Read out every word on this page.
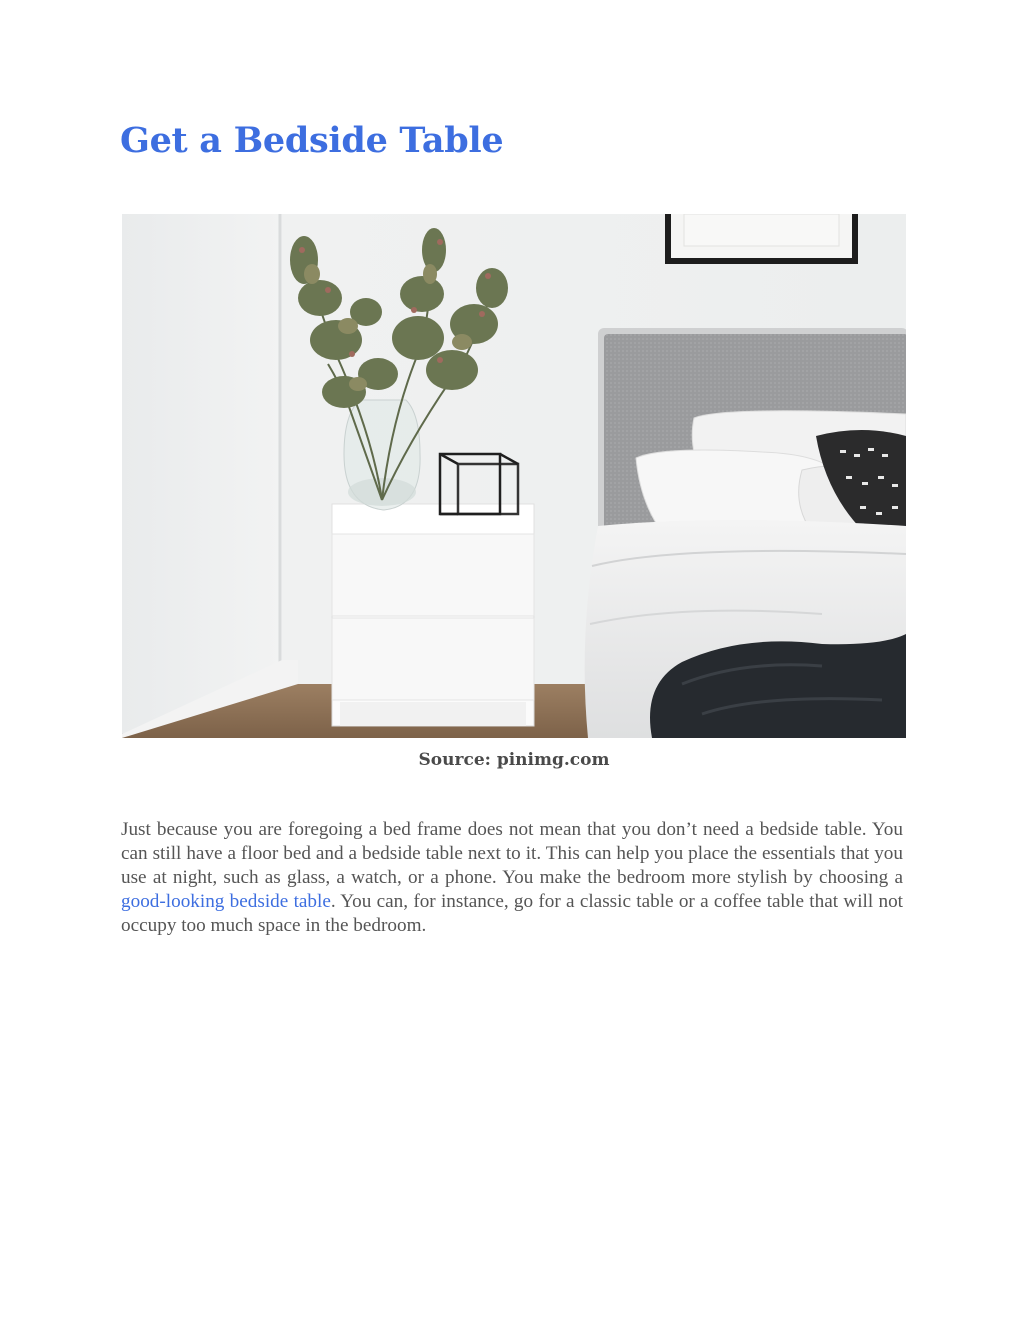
Get a Bedside Table
Source: pinimg.com

Just because you are foregoing a bed frame does not mean that you don’t need a bedside table. You can still have a floor bed and a bedside table next to it. This can help you place the essentials that you use at night, such as glass, a watch, or a phone. You make the bedroom more stylish by choosing a good-looking bedside table. You can, for instance, go for a classic table or a coffee table that will not occupy too much space in the bedroom.
